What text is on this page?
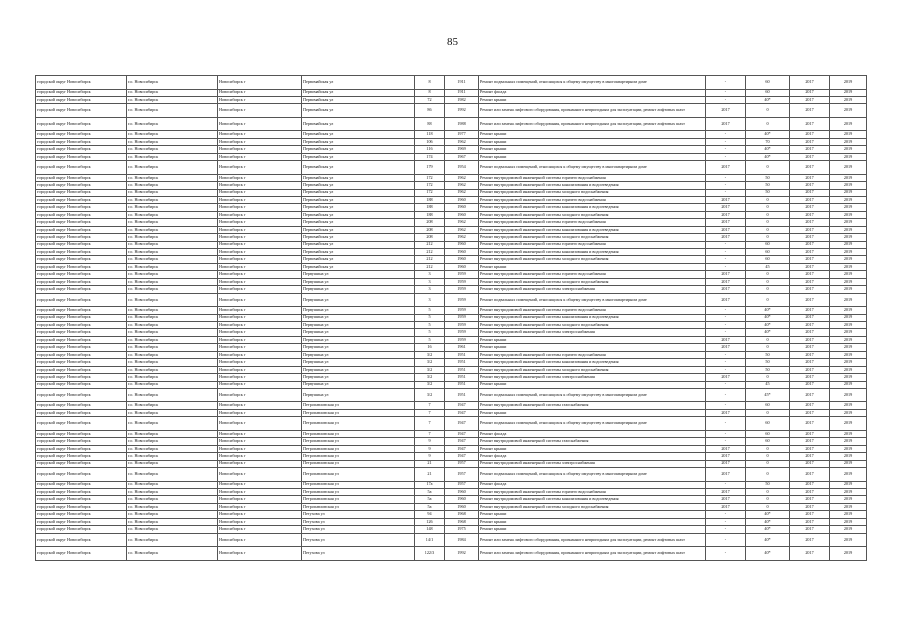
85
городской округ Новосибирск	г.о. Новосибирск	Новосибирск г	Первомайская ул	8	1911	Ремонт подвальных помещений, относящихся к общему имуществу в многоквартирном доме	-	60	2017	2019
городской округ Новосибирск	г.о. Новосибирск	Новосибирск г	Первомайская ул	8	1911	Ремонт фасада	-	60	2017	2019
городской округ Новосибирск	г.о. Новосибирск	Новосибирск г	Первомайская ул	72	1982	Ремонт крыши	-	40*	2017	2019
городской округ Новосибирск	г.о. Новосибирск	Новосибирск г	Первомайская ул	86	1992	Ремонт или замена лифтового оборудования, признанного непригодным для эксплуатации, ремонт лифтовых шахт	2017	0	2017	2019
городской округ Новосибирск	г.о. Новосибирск	Новосибирск г	Первомайская ул	88	1988	Ремонт или замена лифтового оборудования, признанного непригодным для эксплуатации, ремонт лифтовых шахт	2017	0	2017	2019
городской округ Новосибирск	г.о. Новосибирск	Новосибирск г	Первомайская ул	118	1977	Ремонт крыши	-	40*	2017	2019
городской округ Новосибирск	г.о. Новосибирск	Новосибирск г	Первомайская ул	106	1962	Ремонт крыши	-	70	2017	2019
городской округ Новосибирск	г.о. Новосибирск	Новосибирск г	Первомайская ул	116	1969	Ремонт крыши	-	40*	2017	2019
городской округ Новосибирск	г.о. Новосибирск	Новосибирск г	Первомайская ул	174	1967	Ремонт крыши	-	40*	2017	2019
городской округ Новосибирск	г.о. Новосибирск	Новосибирск г	Первомайская ул	179	1954	Ремонт подвальных помещений, относящихся к общему имуществу в многоквартирном доме	2017	0	2017	2019
городской округ Новосибирск	г.о. Новосибирск	Новосибирск г	Первомайская ул	172	1962	Ремонт внутридомовой инженерной системы горячего водоснабжения	-	50	2017	2019
городской округ Новосибирск	г.о. Новосибирск	Новосибирск г	Первомайская ул	172	1962	Ремонт внутридомовой инженерной системы канализования и водоотведения	-	50	2017	2019
городской округ Новосибирск	г.о. Новосибирск	Новосибирск г	Первомайская ул	172	1962	Ремонт внутридомовой инженерной системы холодного водоснабжения	-	50	2017	2019
городской округ Новосибирск	г.о. Новосибирск	Новосибирск г	Первомайская ул	188	1960	Ремонт внутридомовой инженерной системы горячего водоснабжения	2017	0	2017	2019
городской округ Новосибирск	г.о. Новосибирск	Новосибирск г	Первомайская ул	188	1960	Ремонт внутридомовой инженерной системы канализования и водоотведения	2017	0	2017	2019
городской округ Новосибирск	г.о. Новосибирск	Новосибирск г	Первомайская ул	188	1960	Ремонт внутридомовой инженерной системы холодного водоснабжения	2017	0	2017	2019
городской округ Новосибирск	г.о. Новосибирск	Новосибирск г	Первомайская ул	208	1962	Ремонт внутридомовой инженерной системы горячего водоснабжения	2017	0	2017	2019
городской округ Новосибирск	г.о. Новосибирск	Новосибирск г	Первомайская ул	208	1962	Ремонт внутридомовой инженерной системы канализования и водоотведения	2017	0	2017	2019
городской округ Новосибирск	г.о. Новосибирск	Новосибирск г	Первомайская ул	208	1962	Ремонт внутридомовой инженерной системы холодного водоснабжения	2017	0	2017	2019
городской округ Новосибирск	г.о. Новосибирск	Новосибирск г	Первомайская ул	212	1960	Ремонт внутридомовой инженерной системы горячего водоснабжения	-	60	2017	2019
городской округ Новосибирск	г.о. Новосибирск	Новосибирск г	Первомайская ул	212	1960	Ремонт внутридомовой инженерной системы канализования и водоотведения	-	60	2017	2019
городской округ Новосибирск	г.о. Новосибирск	Новосибирск г	Первомайская ул	212	1960	Ремонт внутридомовой инженерной системы холодного водоснабжения	-	60	2017	2019
городской округ Новосибирск	г.о. Новосибирск	Новосибирск г	Первомайская ул	212	1960	Ремонт крыши	-	45	2017	2019
городской округ Новосибирск	г.о. Новосибирск	Новосибирск г	Первушина ул	3	1959	Ремонт внутридомовой инженерной системы горячего водоснабжения	2017	0	2017	2019
городской округ Новосибирск	г.о. Новосибирск	Новосибирск г	Первушина ул	3	1959	Ремонт внутридомовой инженерной системы холодного водоснабжения	2017	0	2017	2019
городской округ Новосибирск	г.о. Новосибирск	Новосибирск г	Первушина ул	3	1959	Ремонт внутридомовой инженерной системы электроснабжения	2017	0	2017	2019
городской округ Новосибирск	г.о. Новосибирск	Новосибирск г	Первушина ул	3	1959	Ремонт подвальных помещений, относящихся к общему имуществу в многоквартирном доме	2017	0	2017	2019
городской округ Новосибирск	г.о. Новосибирск	Новосибирск г	Первушина ул	5	1959	Ремонт внутридомовой инженерной системы горячего водоснабжения	-	40*	2017	2019
городской округ Новосибирск	г.о. Новосибирск	Новосибирск г	Первушина ул	5	1959	Ремонт внутридомовой инженерной системы канализования и водоотведения	-	40*	2017	2019
городской округ Новосибирск	г.о. Новосибирск	Новосибирск г	Первушина ул	5	1959	Ремонт внутридомовой инженерной системы холодного водоснабжения	-	40*	2017	2019
городской округ Новосибирск	г.о. Новосибирск	Новосибирск г	Первушина ул	5	1959	Ремонт внутридомовой инженерной системы электроснабжения	-	40*	2017	2019
городской округ Новосибирск	г.о. Новосибирск	Новосибирск г	Первушина ул	5	1959	Ремонт крыши	2017	0	2017	2019
городской округ Новосибирск	г.о. Новосибирск	Новосибирск г	Первушина ул	16	1961	Ремонт крыши	2017	0	2017	2019
городской округ Новосибирск	г.о. Новосибирск	Новосибирск г	Первушина ул	3/2	1951	Ремонт внутридомовой инженерной системы горячего водоснабжения	-	50	2017	2019
городской округ Новосибирск	г.о. Новосибирск	Новосибирск г	Первушина ул	3/2	1951	Ремонт внутридомовой инженерной системы канализования и водоотведения	-	50	2017	2019
городской округ Новосибирск	г.о. Новосибирск	Новосибирск г	Первушина ул	3/2	1951	Ремонт внутридомовой инженерной системы холодного водоснабжения	-	50	2017	2019
городской округ Новосибирск	г.о. Новосибирск	Новосибирск г	Первушина ул	3/2	1951	Ремонт внутридомовой инженерной системы электроснабжения	2017	0	2017	2019
городской округ Новосибирск	г.о. Новосибирск	Новосибирск г	Первушина ул	3/2	1951	Ремонт крыши	-	45	2017	2019
городской округ Новосибирск	г.о. Новосибирск	Новосибирск г	Первушина ул	3/2	1951	Ремонт подвальных помещений, относящихся к общему имуществу в многоквартирном доме	-	45*	2017	2019
городской округ Новосибирск	г.о. Новосибирск	Новосибирск г	Петропавловская ул	7	1947	Ремонт внутридомовой инженерной системы газоснабжения	-	60	2017	2019
городской округ Новосибирск	г.о. Новосибирск	Новосибирск г	Петропавловская ул	7	1947	Ремонт крыши	2017	0	2017	2019
городской округ Новосибирск	г.о. Новосибирск	Новосибирск г	Петропавловская ул	7	1947	Ремонт подвальных помещений, относящихся к общему имуществу в многоквартирном доме	-	60	2017	2019
городской округ Новосибирск	г.о. Новосибирск	Новосибирск г	Петропавловская ул	7	1947	Ремонт фасада	-	60	2017	2019
городской округ Новосибирск	г.о. Новосибирск	Новосибирск г	Петропавловская ул	9	1947	Ремонт внутридомовой инженерной системы газоснабжения	-	60	2017	2019
городской округ Новосибирск	г.о. Новосибирск	Новосибирск г	Петропавловская ул	9	1947	Ремонт крыши	2017	0	2017	2019
городской округ Новосибирск	г.о. Новосибирск	Новосибирск г	Петропавловская ул	9	1947	Ремонт фасада	2017	0	2017	2019
городской округ Новосибирск	г.о. Новосибирск	Новосибирск г	Петропавловская ул	21	1957	Ремонт внутридомовой инженерной системы электроснабжения	2017	0	2017	2019
городской округ Новосибирск	г.о. Новосибирск	Новосибирск г	Петропавловская ул	21	1957	Ремонт подвальных помещений, относящихся к общему имуществу в многоквартирном доме	2017	0	2017	2019
городской округ Новосибирск	г.о. Новосибирск	Новосибирск г	Петропавловская ул	17а	1957	Ремонт фасада	-	50	2017	2019
городской округ Новосибирск	г.о. Новосибирск	Новосибирск г	Петропавловская ул	5а	1960	Ремонт внутридомовой инженерной системы горячего водоснабжения	2017	0	2017	2019
городской округ Новосибирск	г.о. Новосибирск	Новосибирск г	Петропавловская ул	5а	1960	Ремонт внутридомовой инженерной системы канализования и водоотведения	2017	0	2017	2019
городской округ Новосибирск	г.о. Новосибирск	Новосибирск г	Петропавловская ул	5а	1960	Ремонт внутридомовой инженерной системы холодного водоснабжения	2017	0	2017	2019
городской округ Новосибирск	г.о. Новосибирск	Новосибирск г	Петухова ул	94	1968	Ремонт крыши	-	40*	2017	2019
городской округ Новосибирск	г.о. Новосибирск	Новосибирск г	Петухова ул	126	1968	Ремонт крыши	-	40*	2017	2019
городской округ Новосибирск	г.о. Новосибирск	Новосибирск г	Петухова ул	148	1975	Ремонт крыши	-	40*	2017	2019
городской округ Новосибирск	г.о. Новосибирск	Новосибирск г	Петухова ул	14/1	1984	Ремонт или замена лифтового оборудования, признанного непригодным для эксплуатации, ремонт лифтовых шахт	-	40*	2017	2019
городской округ Новосибирск	г.о. Новосибирск	Новосибирск г	Петухова ул	122/3	1992	Ремонт или замена лифтового оборудования, признанного непригодным для эксплуатации, ремонт лифтовых шахт	-	40*	2017	2019
